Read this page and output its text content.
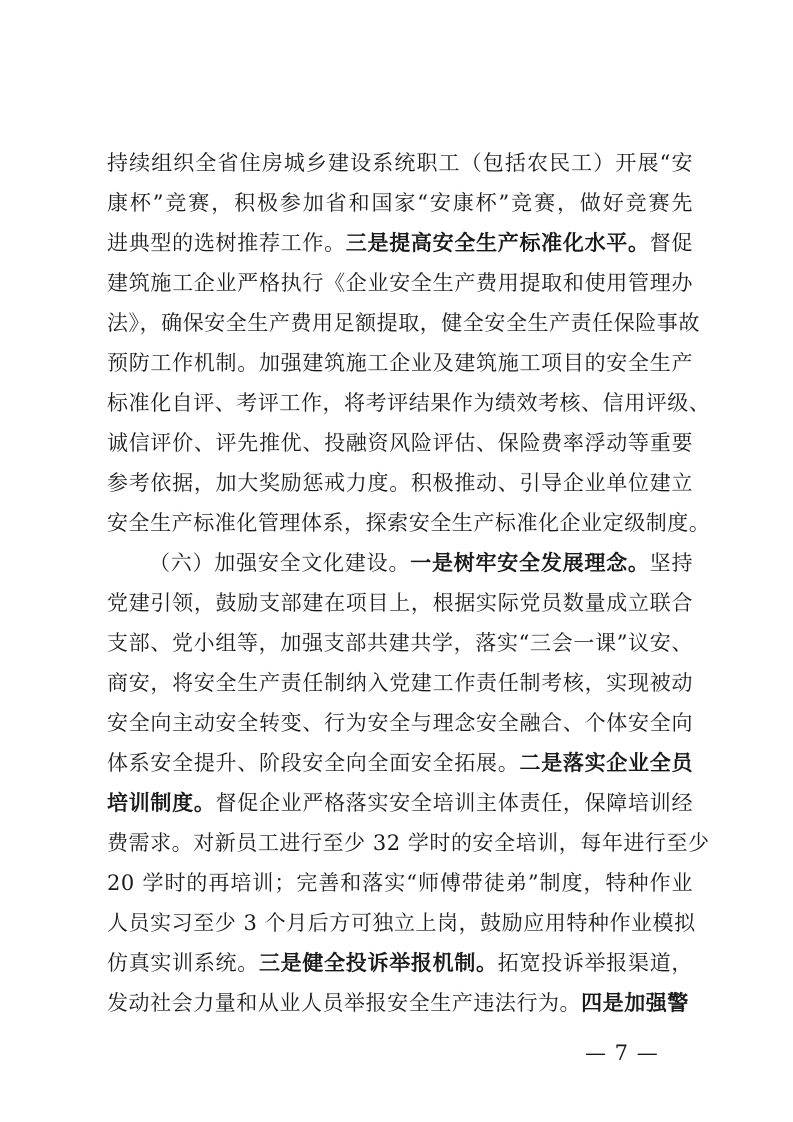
持续组织全省住房城乡建设系统职工（包括农民工）开展“安
康杯”竞赛，积极参加省和国家“安康杯”竞赛，做好竞赛先
进典型的选树推荐工作。三是提高安全生产标准化水平。督促
建筑施工企业严格执行《企业安全生产费用提取和使用管理办
法》，确保安全生产费用足额提取，健全安全生产责任保险事故
预防工作机制。加强建筑施工企业及建筑施工项目的安全生产
标准化自评、考评工作，将考评结果作为绩效考核、信用评级、
诚信评价、评先推优、投融资风险评估、保险费率浮动等重要
参考依据，加大奖励惩戒力度。积极推动、引导企业单位建立
安全生产标准化管理体系，探索安全生产标准化企业定级制度。
（六）加强安全文化建设。一是树牢安全发展理念。坚持
党建引领，鼓励支部建在项目上，根据实际党员数量成立联合
支部、党小组等，加强支部共建共学，落实“三会一课”议安、
商安，将安全生产责任制纳入党建工作责任制考核，实现被动
安全向主动安全转变、行为安全与理念安全融合、个体安全向
体系安全提升、阶段安全向全面安全拓展。二是落实企业全员
培训制度。督促企业严格落实安全培训主体责任，保障培训经
费需求。对新员工进行至少 32 学时的安全培训，每年进行至少
20 学时的再培训；完善和落实“师傅带徒弟”制度，特种作业
人员实习至少 3 个月后方可独立上岗，鼓励应用特种作业模拟
仿真实训系统。三是健全投诉举报机制。拓宽投诉举报渠道，
发动社会力量和从业人员举报安全生产违法行为。四是加强警
— 7 —
